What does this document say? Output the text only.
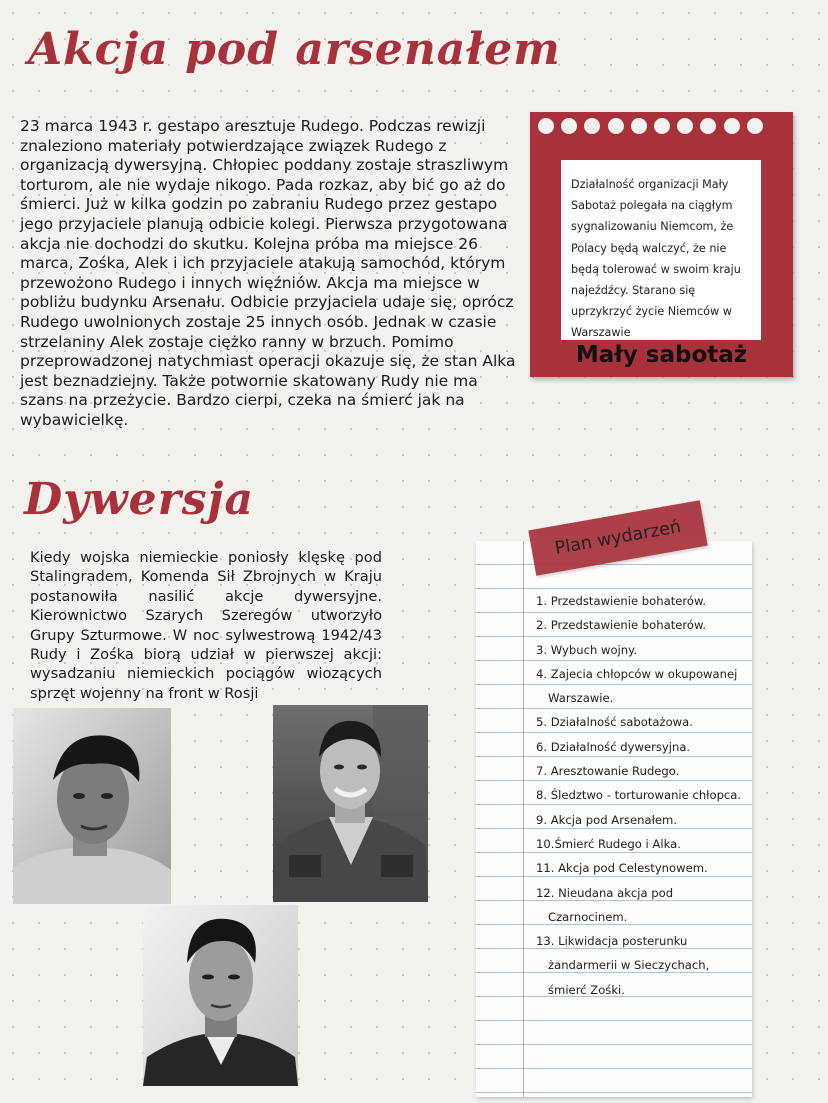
Akcja pod arsenałem

23 marca 1943 r. gestapo aresztuje Rudego. Podczas rewizji znaleziono materiały potwierdzające związek Rudego z organizacją dywersyjną. Chłopiec poddany zostaje straszliwym torturom, ale nie wydaje nikogo. Pada rozkaz, aby bić go aż do śmierci. Już w kilka godzin po zabraniu Rudego przez gestapo jego przyjaciele planują odbicie kolegi. Pierwsza przygotowana akcja nie dochodzi do skutku. Kolejna próba ma miejsce 26 marca, Zośka, Alek i ich przyjaciele atakują samochód, którym przewożono Rudego i innych więźniów. Akcja ma miejsce w pobliżu budynku Arsenału. Odbicie przyjaciela udaje się, oprócz Rudego uwolnionych zostaje 25 innych osób. Jednak w czasie strzelaniny Alek zostaje ciężko ranny w brzuch. Pomimo przeprowadzonej natychmiast operacji okazuje się, że stan Alka jest beznadziejny. Także potwornie skatowany Rudy nie ma szans na przeżycie. Bardzo cierpi, czeka na śmierć jak na wybawicielkę.

Działalność organizacji Mały Sabotaż polegała na ciągłym sygnalizowaniu Niemcom, że Polacy będą walczyć, że nie będą tolerować w swoim kraju najeźdźcy. Starano się uprzykrzyć życie Niemców w Warszawie

Mały sabotaż

Dywersja

Kiedy wojska niemieckie poniosły klęskę pod Stalingradem, Komenda Sił Zbrojnych w Kraju postanowiła nasilić akcje dywersyjne. Kierownictwo Szarych Szeregów utworzyło Grupy Szturmowe. W noc sylwestrową 1942/43 Rudy i Zośka biorą udział w pierwszej akcji: wysadzaniu niemieckich pociągów wiozących sprzęt wojenny na front w Rosji

Plan wydarzeń

1. Przedstawienie bohaterów.
2. Przedstawienie bohaterów.
3. Wybuch wojny.
4. Zajecia chłopców w okupowanej Warszawie.
5. Działalność sabotażowa.
6. Działalność dywersyjna.
7. Aresztowanie Rudego.
8. Śledztwo - torturowanie chłopca.
9. Akcja pod Arsenałem.
10.Śmierć Rudego i Alka.
11. Akcja pod Celestynowem.
12. Nieudana akcja pod Czarnocinem.
13. Likwidacja posterunku żandarmerii w Sieczychach, śmierć Zośki.
